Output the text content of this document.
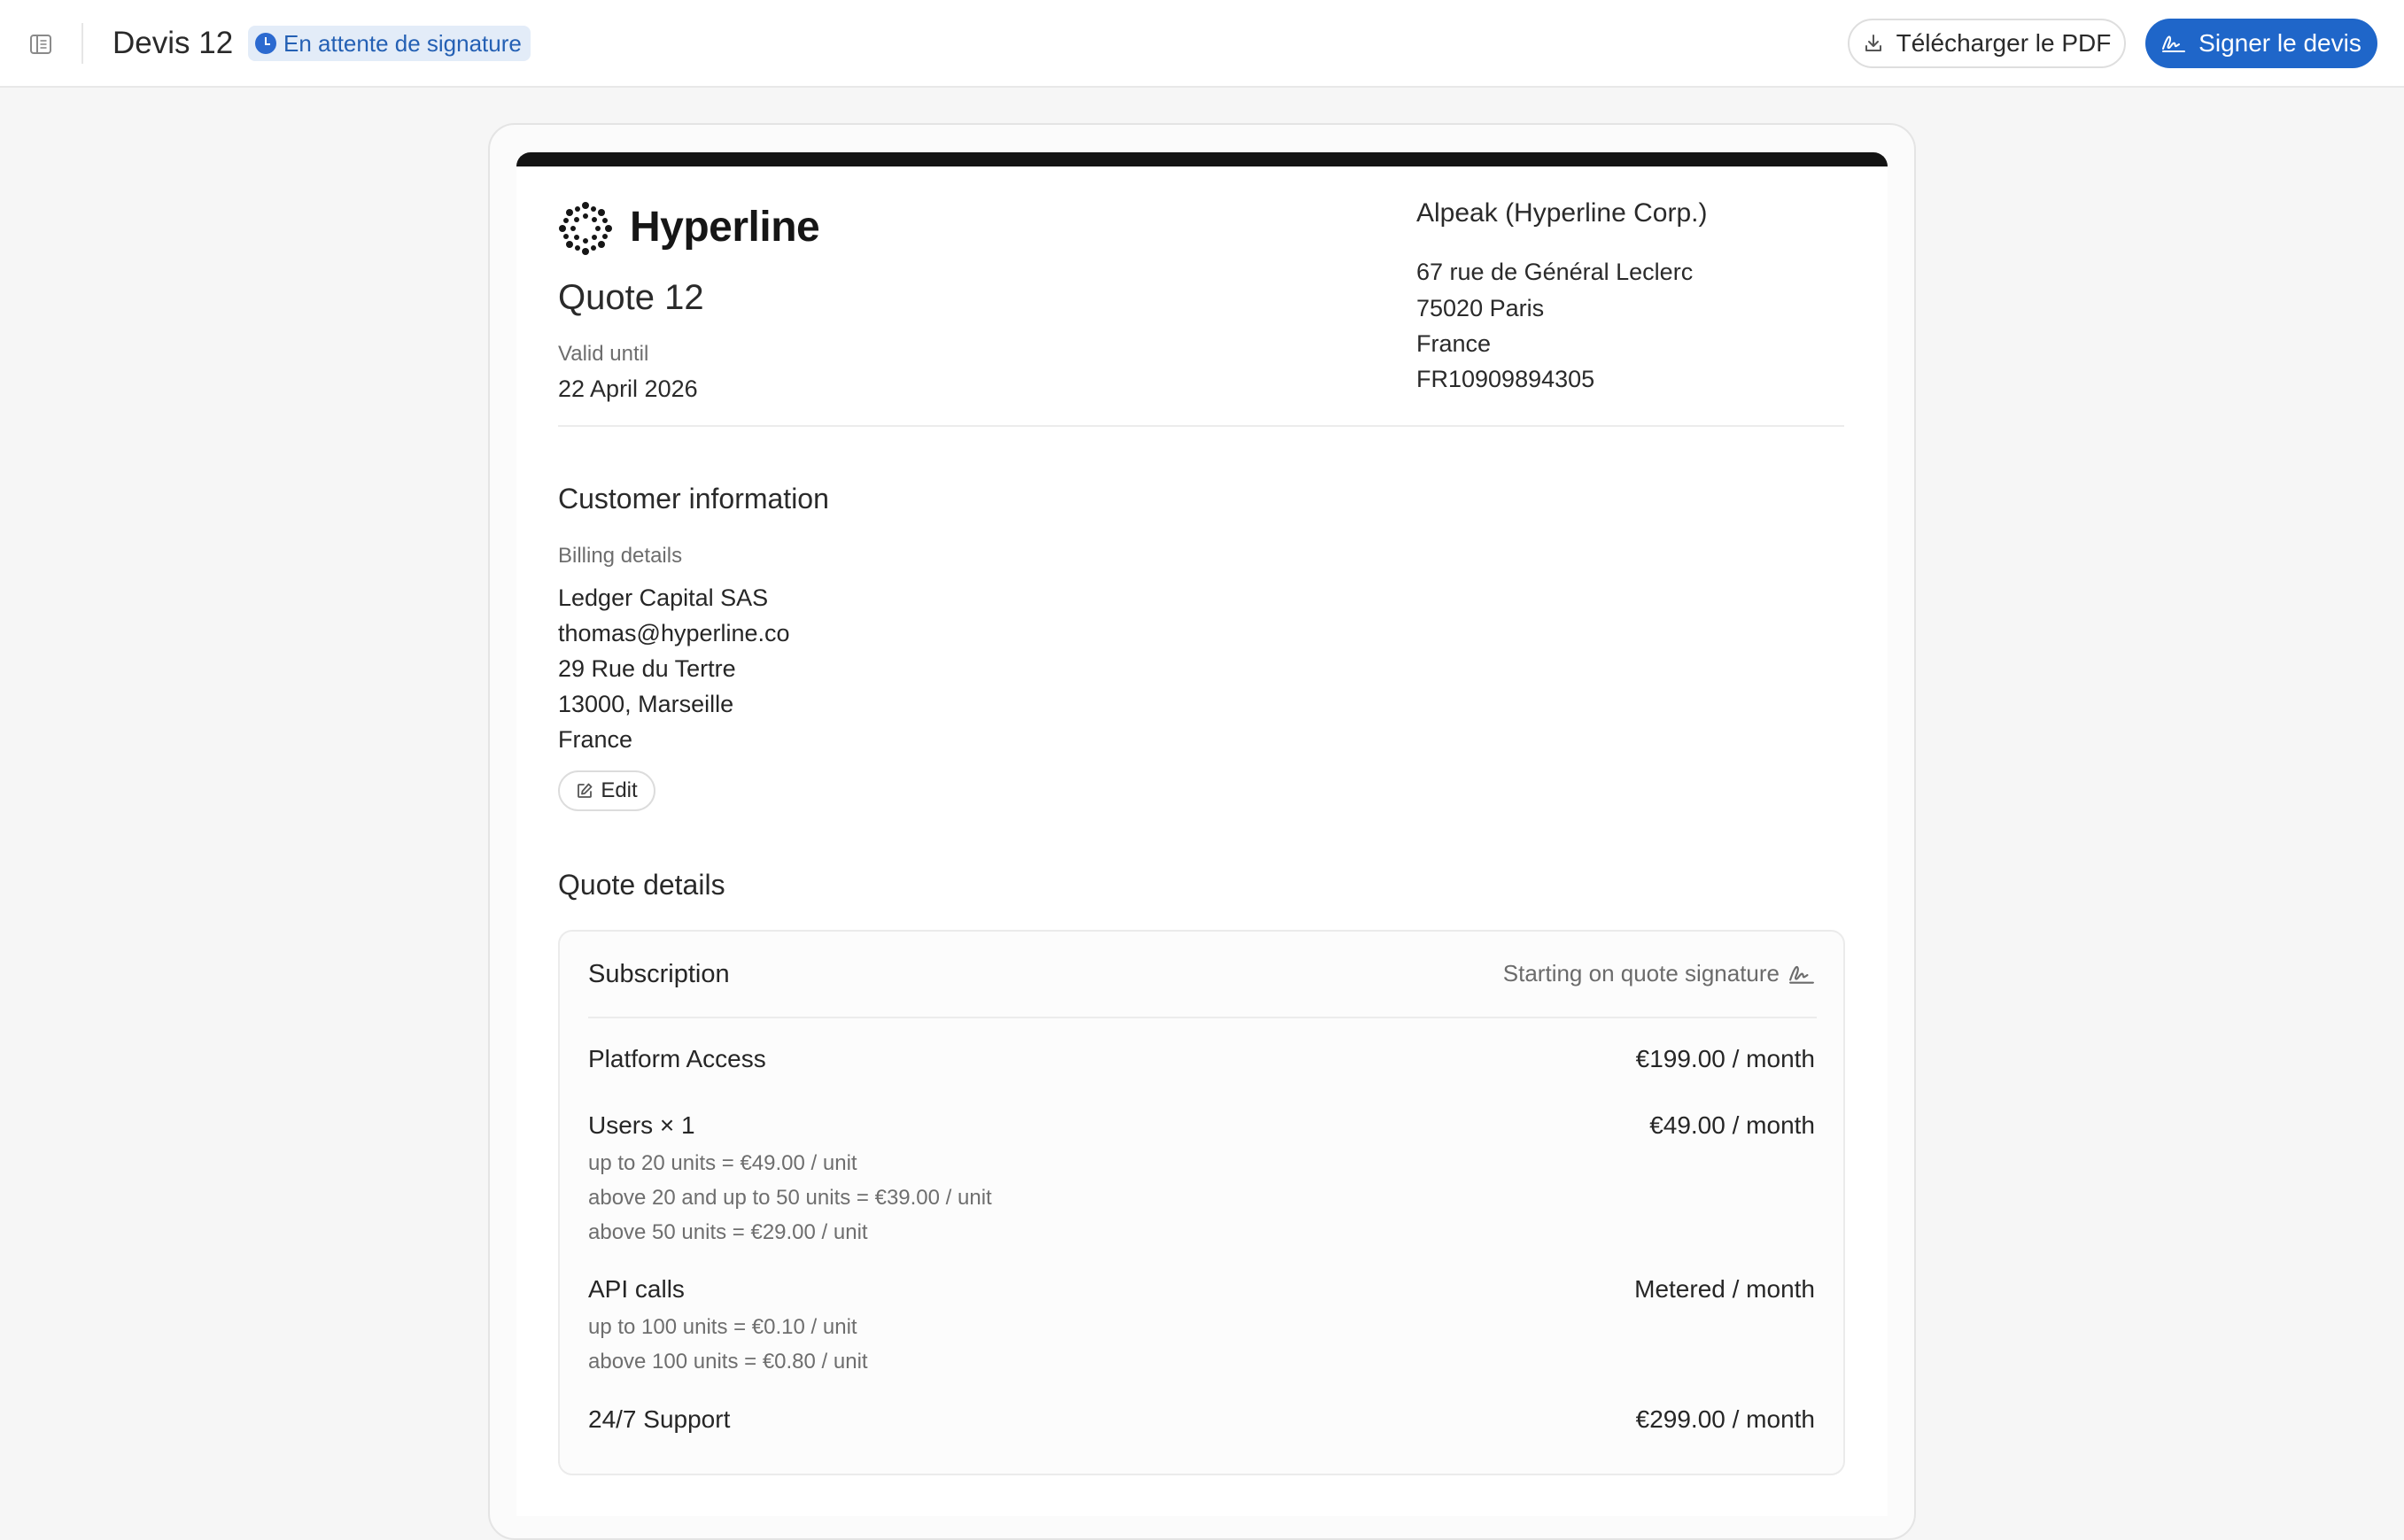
Devis 12 En attente de signature	Télécharger le PDF	Signer le devis
Hyperline
Quote 12
Valid until
22 April 2026
Alpeak (Hyperline Corp.)
67 rue de Général Leclerc
75020 Paris
France
FR10909894305
Customer information
Billing details
Ledger Capital SAS
thomas@hyperline.co
29 Rue du Tertre
13000, Marseille
France
Edit
Quote details
Subscription	Starting on quote signature
Platform Access	€199.00 / month
Users × 1	€49.00 / month
up to 20 units = €49.00 / unit
above 20 and up to 50 units = €39.00 / unit
above 50 units = €29.00 / unit
API calls	Metered / month
up to 100 units = €0.10 / unit
above 100 units = €0.80 / unit
24/7 Support	€299.00 / month
